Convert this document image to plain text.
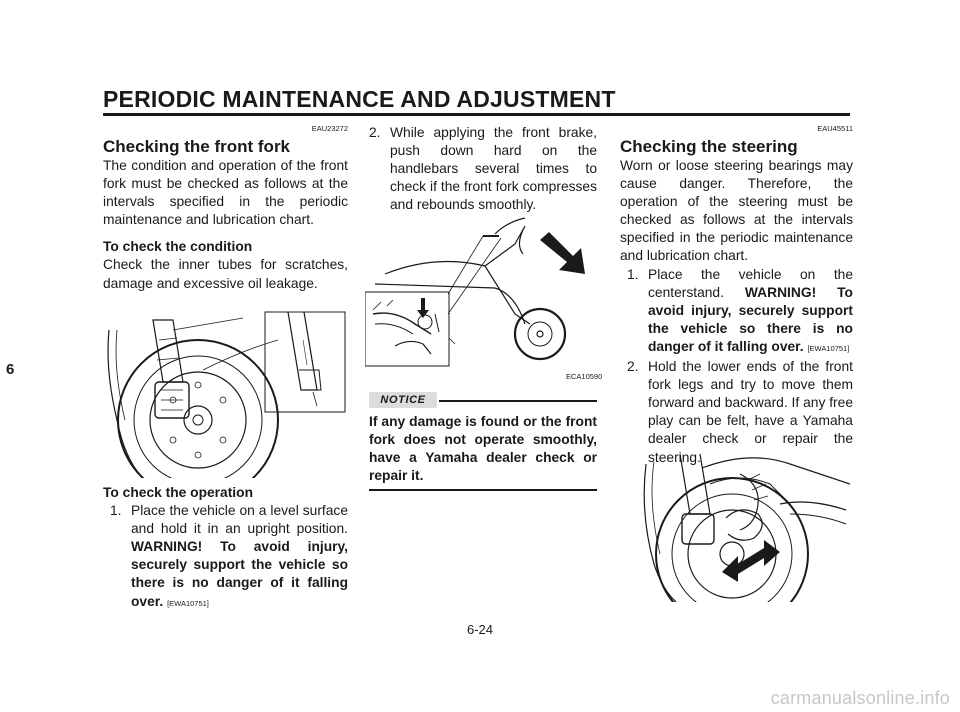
PERIODIC MAINTENANCE AND ADJUSTMENT
6
EAU23272
Checking the front fork
The condition and operation of the front fork must be checked as follows at the intervals specified in the periodic maintenance and lubrication chart.
To check the condition
Check the inner tubes for scratches, damage and excessive oil leakage.
To check the operation
1. Place the vehicle on a level surface and hold it in an upright position. WARNING! To avoid injury, securely support the vehicle so there is no danger of it falling over. [EWA10751]
2. While applying the front brake, push down hard on the handlebars several times to check if the front fork compresses and rebounds smoothly.
ECA10590
NOTICE
If any damage is found or the front fork does not operate smoothly, have a Yamaha dealer check or repair it.
EAU45511
Checking the steering
Worn or loose steering bearings may cause danger. Therefore, the operation of the steering must be checked as follows at the intervals specified in the periodic maintenance and lubrication chart.
1. Place the vehicle on the centerstand. WARNING! To avoid injury, securely support the vehicle so there is no danger of it falling over. [EWA10751]
2. Hold the lower ends of the front fork legs and try to move them forward and backward. If any free play can be felt, have a Yamaha dealer check or repair the steering.
6-24
carmanualsonline.info
